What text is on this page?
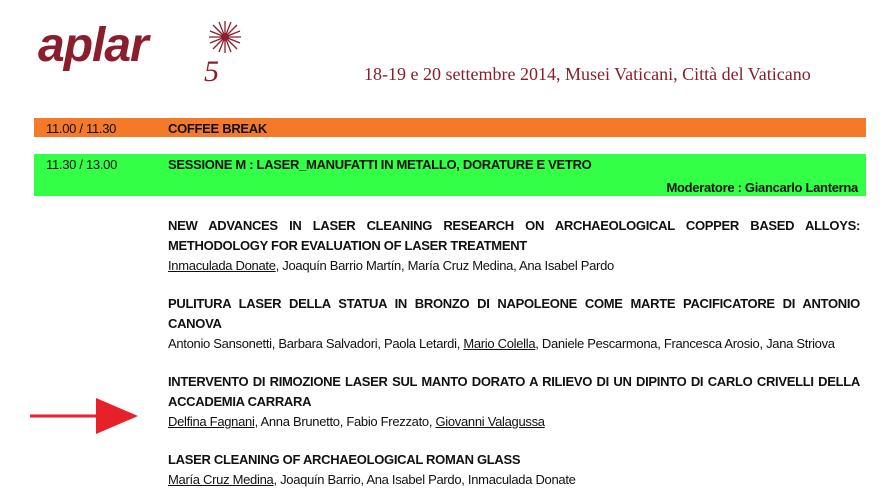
aplar 5	18-19 e 20 settembre 2014, Musei Vaticani, Città del Vaticano
11.00 / 11.30	COFFEE BREAK
11.30 / 13.00	SESSIONE M : LASER_MANUFATTI IN METALLO, DORATURE E VETRO
Moderatore : Giancarlo Lanterna
NEW ADVANCES IN LASER CLEANING RESEARCH ON ARCHAEOLOGICAL COPPER BASED ALLOYS: METHODOLOGY FOR EVALUATION OF LASER TREATMENT
Inmaculada Donate, Joaquín Barrio Martín, María Cruz Medina, Ana Isabel Pardo
PULITURA LASER DELLA STATUA IN BRONZO DI NAPOLEONE COME MARTE PACIFICATORE DI ANTONIO CANOVA
Antonio Sansonetti, Barbara Salvadori, Paola Letardi, Mario Colella, Daniele Pescarmona, Francesca Arosio, Jana Striova
INTERVENTO DI RIMOZIONE LASER SUL MANTO DORATO A RILIEVO DI UN DIPINTO DI CARLO CRIVELLI DELLA ACCADEMIA CARRARA
Delfina Fagnani, Anna Brunetto, Fabio Frezzato, Giovanni Valagussa
LASER CLEANING OF ARCHAEOLOGICAL ROMAN GLASS
María Cruz Medina, Joaquín Barrio, Ana Isabel Pardo, Inmaculada Donate
